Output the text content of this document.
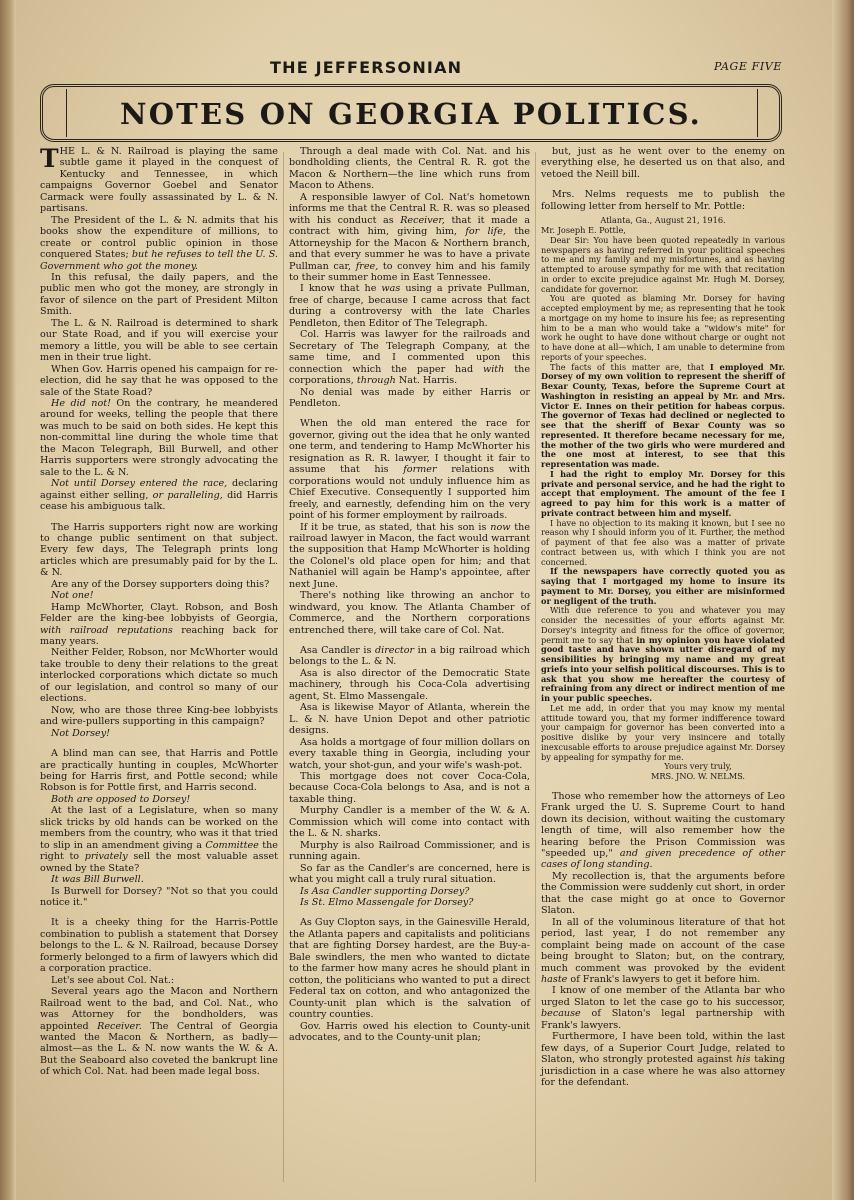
THE JEFFERSONIAN	PAGE FIVE
NOTES ON GEORGIA POLITICS.

THE L. & N. Railroad is playing the same subtle game it played in the conquest of Kentucky and Tennessee, in which campaigns Governor Goebel and Senator Carmack were foully assassinated by L. & N. partisans.

The President of the L. & N. admits that his books show the expenditure of millions, to create or control public opinion in those conquered States; but he refuses to tell the U. S. Government who got the money.

In this refusal, the daily papers, and the public men who got the money, are strongly in favor of silence on the part of President Milton Smith.

The L. & N. Railroad is determined to shark our State Road, and if you will exercise your memory a little, you will be able to see certain men in their true light.

When Gov. Harris opened his campaign for re-election, did he say that he was opposed to the sale of the State Road?

He did not! On the contrary, he meandered around for weeks, telling the people that there was much to be said on both sides. He kept this non-committal line during the whole time that the Macon Telegraph, Bill Burwell, and other Harris supporters were strongly advocating the sale to the L. & N.

Not until Dorsey entered the race, declaring against either selling, or paralleling, did Harris cease his ambiguous talk.

The Harris supporters right now are working to change public sentiment on that subject. Every few days, The Telegraph prints long articles which are presumably paid for by the L. & N.

Are any of the Dorsey supporters doing this?

Not one!

Hamp McWhorter, Clayt. Robson, and Bosh Felder are the king-bee lobbyists of Georgia, with railroad reputations reaching back for many years.

Neither Felder, Robson, nor McWhorter would take trouble to deny their relations to the great interlocked corporations which dictate so much of our legislation, and control so many of our elections.

Now, who are those three King-bee lobbyists and wire-pullers supporting in this campaign?

Not Dorsey!

A blind man can see, that Harris and Pottle are practically hunting in couples, McWhorter being for Harris first, and Pottle second; while Robson is for Pottle first, and Harris second.

Both are opposed to Dorsey!

At the last of a Legislature, when so many slick tricks by old hands can be worked on the members from the country, who was it that tried to slip in an amendment giving a Committee the right to privately sell the most valuable asset owned by the State?

It was Bill Burwell.

Is Burwell for Dorsey? "Not so that you could notice it."

It is a cheeky thing for the Harris-Pottle combination to publish a statement that Dorsey belongs to the L. & N. Railroad, because Dorsey formerly belonged to a firm of lawyers which did a corporation practice.

Let's see about Col. Nat.:

Several years ago the Macon and Northern Railroad went to the bad, and Col. Nat., who was Attorney for the bondholders, was appointed Receiver. The Central of Georgia wanted the Macon & Northern, as badly—almost—as the L. & N. now wants the W. & A. But the Seaboard also coveted the bankrupt line of which Col. Nat. had been made legal boss.

Through a deal made with Col. Nat. and his bondholding clients, the Central R. R. got the Macon & Northern—the line which runs from Macon to Athens.

A responsible lawyer of Col. Nat's hometown informs me that the Central R. R. was so pleased with his conduct as Receiver, that it made a contract with him, giving him, for life, the Attorneyship for the Macon & Northern branch, and that every summer he was to have a private Pullman car, free, to convey him and his family to their summer home in East Tennessee.

I know that he was using a private Pullman, free of charge, because I came across that fact during a controversy with the late Charles Pendleton, then Editor of The Telegraph.

Col. Harris was lawyer for the railroads and Secretary of The Telegraph Company, at the same time, and I commented upon this connection which the paper had with the corporations, through Nat. Harris.

No denial was made by either Harris or Pendleton.

When the old man entered the race for governor, giving out the idea that he only wanted one term, and tendering to Hamp McWhorter his resignation as R. R. lawyer, I thought it fair to assume that his former relations with corporations would not unduly influence him as Chief Executive. Consequently I supported him freely, and earnestly, defending him on the very point of his former employment by railroads.

If it be true, as stated, that his son is now the railroad lawyer in Macon, the fact would warrant the supposition that Hamp McWhorter is holding the Colonel's old place open for him; and that Nathaniel will again be Hamp's appointee, after next June.

There's nothing like throwing an anchor to windward, you know. The Atlanta Chamber of Commerce, and the Northern corporations entrenched there, will take care of Col. Nat.

Asa Candler is director in a big railroad which belongs to the L. & N.

Asa is also director of the Democratic State machinery, through his Coca-Cola advertising agent, St. Elmo Massengale.

Asa is likewise Mayor of Atlanta, wherein the L. & N. have Union Depot and other patriotic designs.

Asa holds a mortgage of four million dollars on every taxable thing in Georgia, including your watch, your shot-gun, and your wife's wash-pot.

This mortgage does not cover Coca-Cola, because Coca-Cola belongs to Asa, and is not a taxable thing.

Murphy Candler is a member of the W. & A. Commission which will come into contact with the L. & N. sharks.

Murphy is also Railroad Commissioner, and is running again.

So far as the Candler's are concerned, here is what you might call a truly rural situation.

Is Asa Candler supporting Dorsey?

Is St. Elmo Massengale for Dorsey?

As Guy Clopton says, in the Gainesville Herald, the Atlanta papers and capitalists and politicians that are fighting Dorsey hardest, are the Buy-a-Bale swindlers, the men who wanted to dictate to the farmer how many acres he should plant in cotton, the politicians who wanted to put a direct Federal tax on cotton, and who antagonized the County-unit plan which is the salvation of country counties.

Gov. Harris owed his election to County-unit advocates, and to the County-unit plan;

but, just as he went over to the enemy on everything else, he deserted us on that also, and vetoed the Neill bill.

Mrs. Nelms requests me to publish the following letter from herself to Mr. Pottle:

Atlanta, Ga., August 21, 1916.

Mr. Joseph E. Pottle,

Dear Sir: You have been quoted repeatedly in various newspapers as having referred in your political speeches to me and my family and my misfortunes, and as having attempted to arouse sympathy for me with that recitation in order to excite prejudice against Mr. Hugh M. Dorsey, candidate for governor.

You are quoted as blaming Mr. Dorsey for having accepted employment by me; as representing that he took a mortgage on my home to insure his fee; as representing him to be a man who would take a "widow's mite" for work he ought to have done without charge or ought not to have done at all—which, I am unable to determine from reports of your speeches.

The facts of this matter are, that I employed Mr. Dorsey of my own volition to represent the sheriff of Bexar County, Texas, before the Supreme Court at Washington in resisting an appeal by Mr. and Mrs. Victor E. Innes on their petition for habeas corpus. The governor of Texas had declined or neglected to see that the sheriff of Bexar County was so represented. It therefore became necessary for me, the mother of the two girls who were murdered and the one most at interest, to see that this representation was made.

I had the right to employ Mr. Dorsey for this private and personal service, and he had the right to accept that employment. The amount of the fee I agreed to pay him for this work is a matter of private contract between him and myself.

I have no objection to its making it known, but I see no reason why I should inform you of it. Further, the method of payment of that fee also was a matter of private contract between us, with which I think you are not concerned.

If the newspapers have correctly quoted you as saying that I mortgaged my home to insure its payment to Mr. Dorsey, you either are misinformed or negligent of the truth.

With due reference to you and whatever you may consider the necessities of your efforts against Mr. Dorsey's integrity and fitness for the office of governor, permit me to say that in my opinion you have violated good taste and have shown utter disregard of my sensibilities by bringing my name and my great griefs into your selfish political discourses. This is to ask that you show me hereafter the courtesy of refraining from any direct or indirect mention of me in your public speeches.

Let me add, in order that you may know my mental attitude toward you, that my former indifference toward your campaign for governor has been converted into a positive dislike by your very insincere and totally inexcusable efforts to arouse prejudice against Mr. Dorsey by appealing for sympathy for me.

Yours very truly,

MRS. JNO. W. NELMS.

Those who remember how the attorneys of Leo Frank urged the U. S. Supreme Court to hand down its decision, without waiting the customary length of time, will also remember how the hearing before the Prison Commission was "speeded up," and given precedence of other cases of long standing.

My recollection is, that the arguments before the Commission were suddenly cut short, in order that the case might go at once to Governor Slaton.

In all of the voluminous literature of that hot period, last year, I do not remember any complaint being made on account of the case being brought to Slaton; but, on the contrary, much comment was provoked by the evident haste of Frank's lawyers to get it before him.

I know of one member of the Atlanta bar who urged Slaton to let the case go to his successor, because of Slaton's legal partnership with Frank's lawyers.

Furthermore, I have been told, within the last few days, of a Superior Court Judge, related to Slaton, who strongly protested against his taking jurisdiction in a case where he was also attorney for the defendant.
